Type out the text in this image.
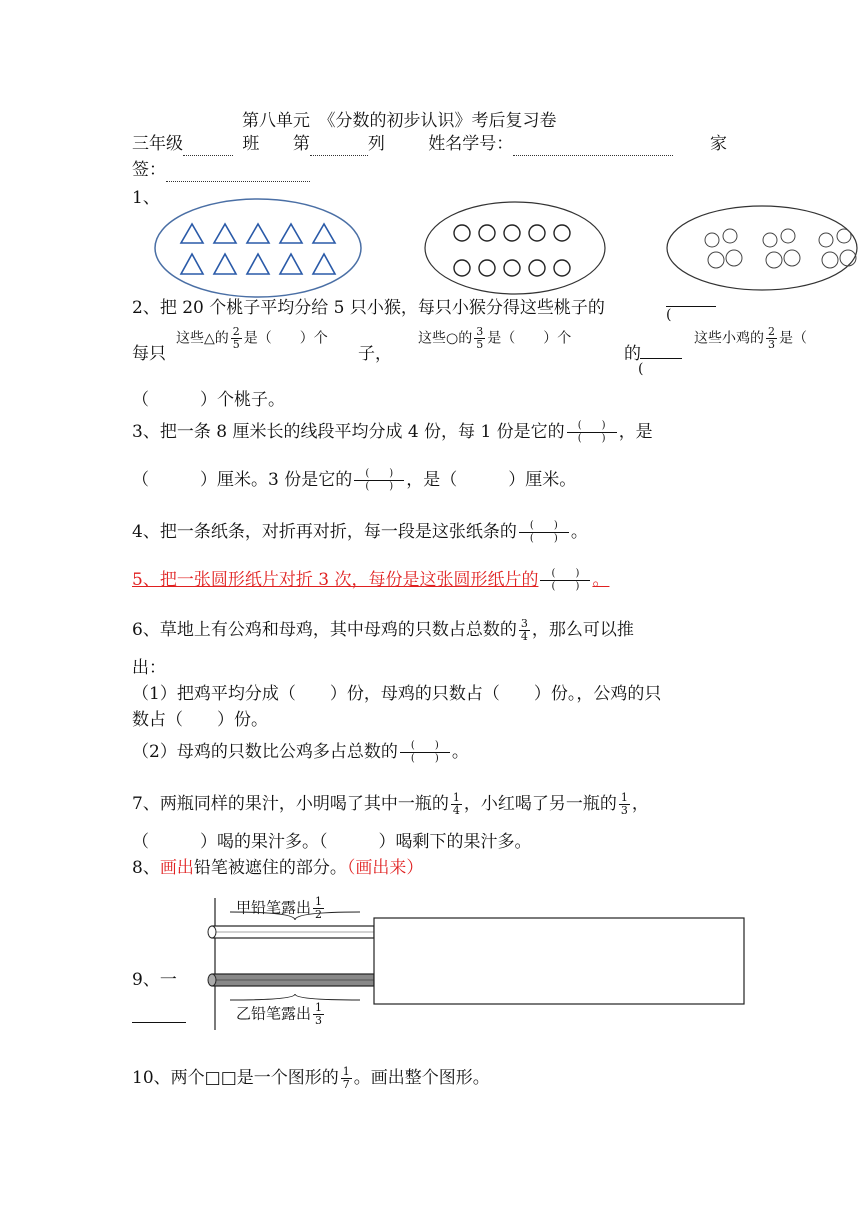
第八单元　《分数的初步认识》考后复习卷
三年级	班 第	列	姓名学号：	家
签：
1、
2、把 20 个桃子平均分给 5 只小猴，每只小猴分得这些桃子的	(
这些△的 $\frac{2}{5}$ 是（　　）个	这些○的 $\frac{3}{5}$ 是（　　）个	这些小鸡的 $\frac{2}{3}$ 是（
每只	子，	的
(
（　　　）个桃子。
3、把一条 8 厘米长的线段平均分成 4 份，每 1 份是它的	(　　)
(　　) ，是
（　　　）厘米。3 份是它的	(　　)
(　　) ，是（　　　）厘米。
4、把一条纸条，对折再对折，每一段是这张纸条的	(　　)
(　　) 。
5、把一张圆形纸片对折 3 次，每份是这张圆形纸片的	(　　)
(　　) 。
6、草地上有公鸡和母鸡，其中母鸡的只数占总数的 $\frac{3}{4}$ ，那么可以推
出：
（1）把鸡平均分成（　　）份，母鸡的只数占（　　）份。，公鸡的只
数占（　　）份。
（2）母鸡的只数比公鸡多占总数的	(　　)
(　　) 。
7、两瓶同样的果汁，小明喝了其中一瓶的 $\frac{1}{4}$ ，小红喝了另一瓶的 $\frac{1}{3}$ ，
（　　　）喝的果汁多。（　　　）喝剩下的果汁多。
8、画出铅笔被遮住的部分。（画出来）
甲铅笔露出 $\frac{1}{2}$
9、一
乙铅笔露出 $\frac{1}{3}$
10、两个□□是一个图形的 $\frac{1}{7}$ 。画出整个图形。
